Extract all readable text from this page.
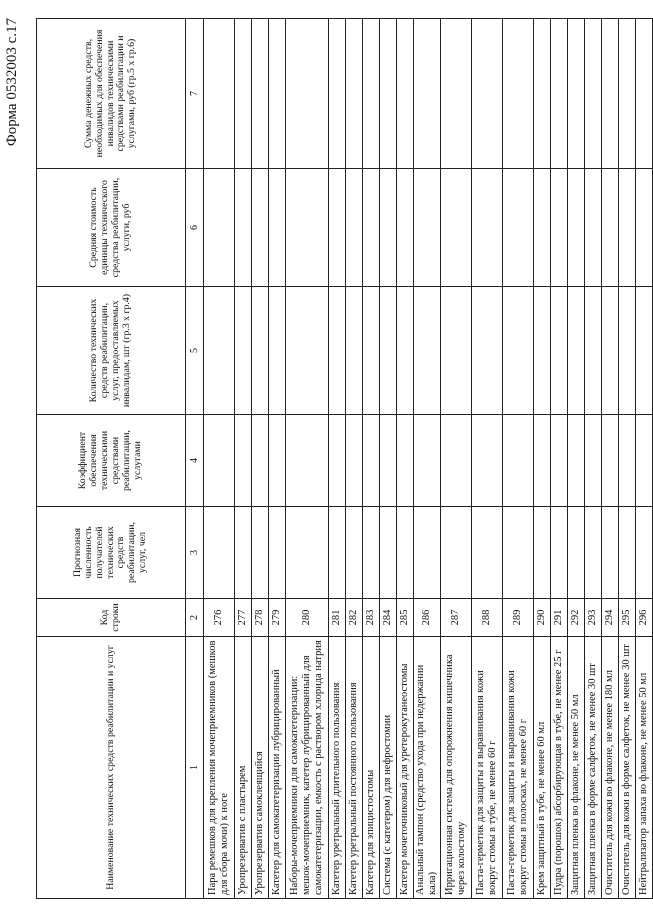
Форма 0532003 с.17
Наименование технических средств реабилитации и услуг	Код строки	Прогнозная численность получателей технических средств реабилитации, услуг, чел	Коэффициент обеспечения техническими средствами реабилитации, услугами	Количество технических средств реабилитации, услуг, предоставляемых инвалидам, шт (гр.3 х гр.4)	Средняя стоимость единицы технического средства реабилитации, услуги, руб	Сумма денежных средств, необходимых для обеспечения инвалидов техническими средствами реабилитации и услугами, руб (гр.5 х гр.6)
1	2	3	4	5	6	7
Пара ремешков для крепления мочеприемников (мешков для сбора мочи) к ноге	276					
Уропрезерватив с пластырем	277					
Уропрезерватив самоклеящийся	278					
Катетер для самокатетеризации лубрицированный	279					
Наборы-мочеприемники для самокатетеризации: мешок-мочеприемник, катетер лубрицированный для самокатетеризации, емкость с раствором хлорида натрия	280					
Катетер уретральный длительного пользования	281					
Катетер уретральный постоянного пользования	282					
Катетер для эпицистостомы	283					
Система (с катетером) для нефростомии	284					
Катетер мочеточниковый для уретерокутанеостомы	285					
Анальный тампон (средство ухода при недержании кала)	286					
Ирригационная система для опорожнения кишечника через колостому	287					
Паста-герметик для защиты и выравнивания кожи вокруг стомы в тубе, не менее 60 г	288					
Паста-герметик для защиты и выравнивания кожи вокруг стомы в полосках, не менее 60 г	289					
Крем защитный в тубе, не менее 60 мл	290					
Пудра (порошок) абсорбирующая в тубе, не менее 25 г	291					
Защитная пленка во флаконе, не менее 50 мл	292					
Защитная пленка в форме салфеток, не менее 30 шт	293					
Очиститель для кожи во флаконе, не менее 180 мл	294					
Очиститель для кожи в форме салфеток, не менее 30 шт	295					
Нейтрализатор запаха во флаконе, не менее 50 мл	296					
